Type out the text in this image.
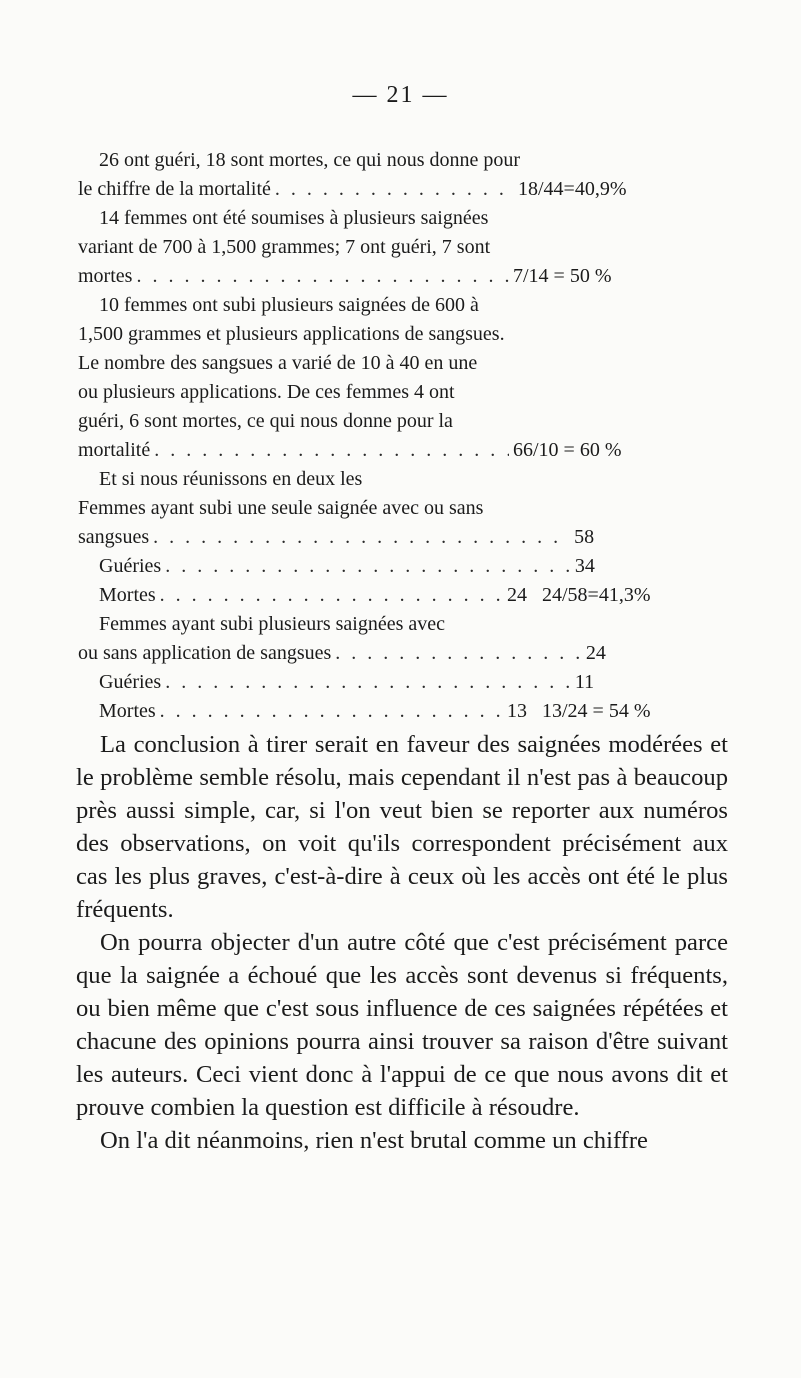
— 21 —
26 ont guéri, 18 sont mortes, ce qui nous donne pour
le chiffre de la mortalité . . .	18/44=40,9%
14 femmes ont été soumises à plusieurs saignées
variant de 700 à 1,500 grammes; 7 ont guéri, 7 sont
mortes . . .	7/14 = 50 %
10 femmes ont subi plusieurs saignées de 600 à
1,500 grammes et plusieurs applications de sangsues.
Le nombre des sangsues a varié de 10 à 40 en une
ou plusieurs applications. De ces femmes 4 ont
guéri, 6 sont mortes, ce qui nous donne pour la
mortalité . . .	66/10 = 60 %
Et si nous réunissons en deux les
Femmes ayant subi une seule saignée avec ou sans
sangsues . . .	58
Guéries . . .	34
Mortes . . .	24 24/58=41,3%
Femmes ayant subi plusieurs saignées avec
ou sans application de sangsues . . .	24
Guéries . . .	11
Mortes . . .	13 13/24 = 54 %

La conclusion à tirer serait en faveur des saignées modérées et le problème semble résolu, mais cependant il n'est pas à beaucoup près aussi simple, car, si l'on veut bien se reporter aux numéros des observations, on voit qu'ils correspondent précisément aux cas les plus graves, c'est-à-dire à ceux où les accès ont été le plus fréquents.

On pourra objecter d'un autre côté que c'est précisément parce que la saignée a échoué que les accès sont devenus si fréquents, ou bien même que c'est sous influence de ces saignées répétées et chacune des opinions pourra ainsi trouver sa raison d'être suivant les auteurs. Ceci vient donc à l'appui de ce que nous avons dit et prouve combien la question est difficile à résoudre.

On l'a dit néanmoins, rien n'est brutal comme un chiffre
